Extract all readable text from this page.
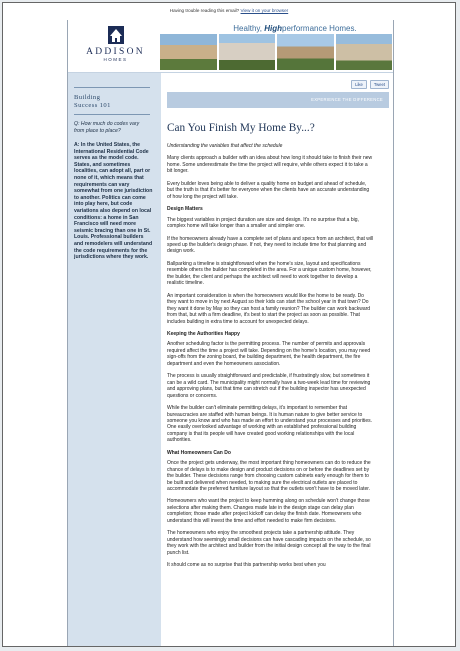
Having trouble reading this email? View it on your browser
ADDISON
HOMES
Healthy, Highperformance Homes.
Building
Success 101
Q: How much do codes vary from place to place?
A: In the United States, the International Residential Code serves as the model code. States, and sometimes localities, can adopt all, part or none of it, which means that requirements can vary somewhat from one jurisdiction to another. Politics can come into play here, but code variations also depend on local conditions: a home in San Francisco will need more seismic bracing than one in St. Louis. Professional builders and remodelers will understand the code requirements for the jurisdictions where they work.
Like	Tweet
EXPERIENCE THE DIFFERENCE
Can You Finish My Home By...?

Understanding the variables that affect the schedule

Many clients approach a builder with an idea about how long it should take to finish their new home. Some underestimate the time the project will require, while others expect it to take a bit longer.

Every builder loves being able to deliver a quality home on budget and ahead of schedule, but the truth is that it's better for everyone when the clients have an accurate understanding of how long the project will take.

Design Matters

The biggest variables in project duration are size and design. It's no surprise that a big, complex home will take longer than a smaller and simpler one.

If the homeowners already have a complete set of plans and specs from an architect, that will speed up the builder's design phase. If not, they need to include time for that planning and design work.

Ballparking a timeline is straightforward when the home's size, layout and specifications resemble others the builder has completed in the area. For a unique custom home, however, the builder, the client and perhaps the architect will need to work together to develop a realistic timeline.

An important consideration is when the homeowners would like the home to be ready. Do they want to move in by next August so their kids can start the school year in that town? Do they want it done by May so they can host a family reunion? The builder can work backward from that, but with a firm deadline, it's best to start the project as soon as possible. That includes building in extra time to account for unexpected delays.

Keeping the Authorities Happy

Another scheduling factor is the permitting process. The number of permits and approvals required affect the time a project will take. Depending on the home's location, you may need sign-offs from the zoning board, the building department, the health department, the fire department and even the homeowners association.

The process is usually straightforward and predictable, if frustratingly slow, but sometimes it can be a wild card. The municipality might normally have a two-week lead time for reviewing and approving plans, but that time can stretch out if the building inspector has unexpected questions or concerns.

While the builder can't eliminate permitting delays, it's important to remember that bureaucracies are staffed with human beings. It is human nature to give better service to someone you know and who has made an effort to understand your processes and priorities. One easily overlooked advantage of working with an established professional building company is that its people will have created good working relationships with the local authorities.

What Homeowners Can Do

Once the project gets underway, the most important thing homeowners can do to reduce the chance of delays is to make design and product decisions on or before the deadlines set by the builder. These decisions range from choosing custom cabinets early enough for them to be built and delivered when needed, to making sure the electrical outlets are placed to accommodate the preferred furniture layout so that the outlets won't have to be moved later.

Homeowners who want the project to keep humming along on schedule won't change those selections after making them. Changes made late in the design stage can delay plan completion; those made after project kickoff can delay the finish date. Homeowners who understand this will invest the time and effort needed to make firm decisions.

The homeowners who enjoy the smoothest projects take a partnership attitude. They understand how seemingly small decisions can have cascading impacts on the schedule, so they work with the architect and builder from the initial design concept all the way to the final punch list.

It should come as no surprise that this partnership works best when you
